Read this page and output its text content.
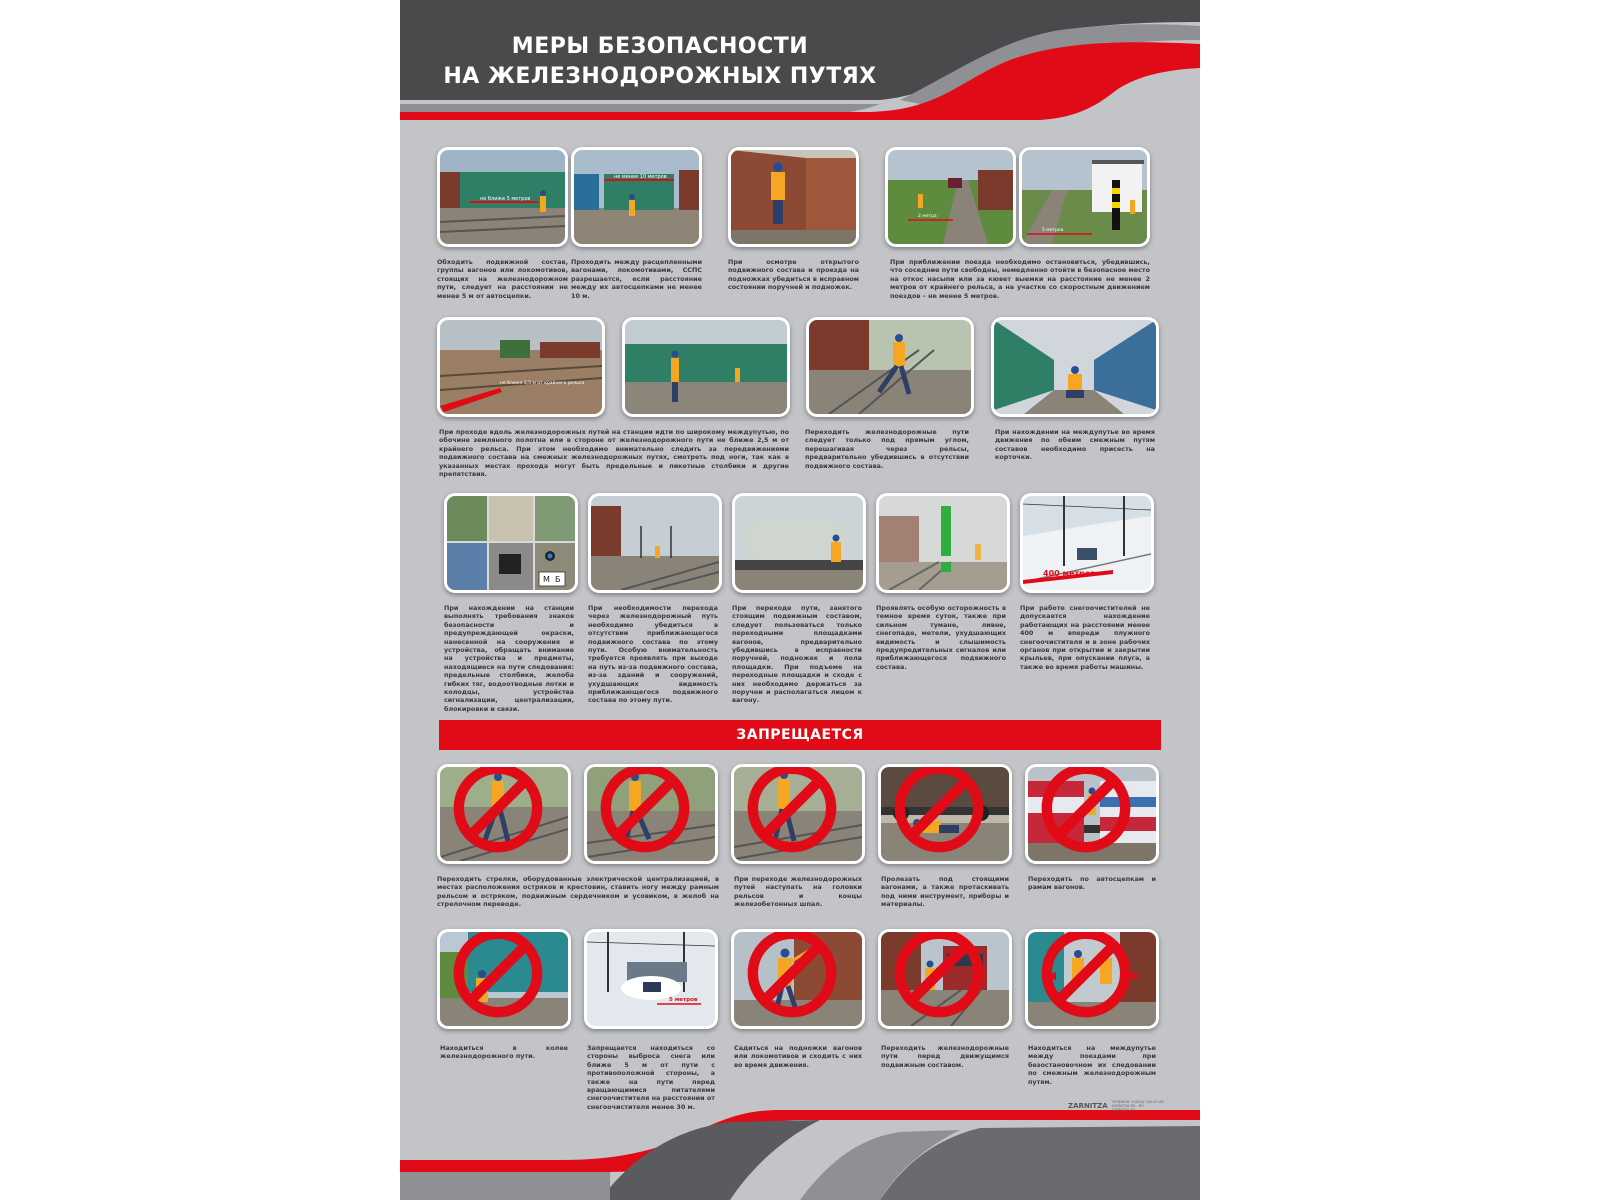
МЕРЫ БЕЗОПАСНОСТИ
НА ЖЕЛЕЗНОДОРОЖНЫХ ПУТЯХ
не ближе 5 метров
Обходить подвижной состав, группы вагонов или локомотивов, стоящих на железнодорожном пути, следует на расстоянии не менее 5 м от автосцепки.
не менее 10 метров
Проходить между расцепленными вагонами, локомотивами, ССПС разрешается, если расстояние между их автосцепками не менее 10 м.
При осмотре открытого подвижного состава и проезда на подножках убедиться в исправном состоянии поручней и подножек.
2 метра
5 метров
При приближении поезда необходимо остановиться, убедившись, что соседние пути свободны, немедленно отойти в безопасное место на откос насыпи или за кювет выемки на расстояние не менее 2 метров от крайнего рельса, а на участке со скоростным движением поездов – не менее 5 метров.
не ближе 2,5 м от крайнего рельса
При проходе вдоль железнодорожных путей на станции идти по широкому междупутью, по обочине земляного полотна или в стороне от железнодорожного пути не ближе 2,5 м от крайнего рельса. При этом необходимо внимательно следить за передвижениями подвижного состава на смежных железнодорожных путях, смотреть под ноги, так как в указанных местах прохода могут быть предельные и пикетные столбики и другие препятствия.
Переходить железнодорожные пути следует только под прямым углом, перешагивая через рельсы, предварительно убедившись в отсутствии подвижного состава.
При нахождении на междупутье во время движения по обеим смежным путям составов необходимо присесть на корточки.
М Б
При нахождении на станции выполнять требования знаков безопасности и предупреждающей окраски, нанесенной на сооружения и устройства, обращать внимание на устройства и предметы, находящиеся на пути следования: предельные столбики, желоба гибких тяг, водоотводные лотки и колодцы, устройства сигнализации, централизации, блокировки и связи.
При необходимости перехода через железнодорожный путь необходимо убедиться в отсутствии приближающегося подвижного состава по этому пути. Особую внимательность требуется проявлять при выходе на путь из-за подвижного состава, из-за зданий и сооружений, ухудшающих видимость приближающегося подвижного состава по этому пути.
При переходе пути, занятого стоящим подвижным составом, следует пользоваться только переходными площадками вагонов, предварительно убедившись в исправности поручней, подножек и пола площадки. При подъеме на переходные площадки и сходе с них необходимо держаться за поручни и располагаться лицом к вагону.
Проявлять особую осторожность в темное время суток, также при сильном тумане, ливне, снегопаде, метели, ухудшающих видимость и слышимость предупредительных сигналов или приближающегося подвижного состава.
400 метров
При работе снегоочистителей не допускается нахождение работающих на расстоянии менее 400 м впереди плужного снегоочистителя и в зоне рабочих органов при открытии и закрытии крыльев, при опускании плуга, а также во время работы машины.
ЗАПРЕЩАЕТСЯ
Переходить стрелки, оборудованные электрической централизацией, в местах расположения остряков и крестовин, ставить ногу между рамным рельсом и остряком, подвижным сердечником и усовиком, в желоб на стрелочном переводе.
При переходе железнодорожных путей наступать на головки рельсов и концы железобетонных шпал.
Пролезать под стоящими вагонами, а также протаскивать под ними инструмент, приборы и материалы.
Переходить по автосцепкам и рамам вагонов.
Находиться в колее железнодорожного пути.
5 метров
Запрещается находиться со стороны выброса снега или ближе 5 м от пути с противоположной стороны, а также на пути перед вращающимися питателями снегоочистителя на расстоянии от снегоочистителя менее 30 м.
Садиться на подножки вагонов или локомотивов и сходить с них во время движения.
Переходить железнодорожные пути перед движущимся подвижным составом.
Находиться на междупутье между поездами при безостановочном их следовании по смежным железнодорожным путям.
ZARNITZA ТЕЛЕФОН: 8 (800) 700-07-08 · ZARNITZA.RU · BY: ZARNITZA.BY
